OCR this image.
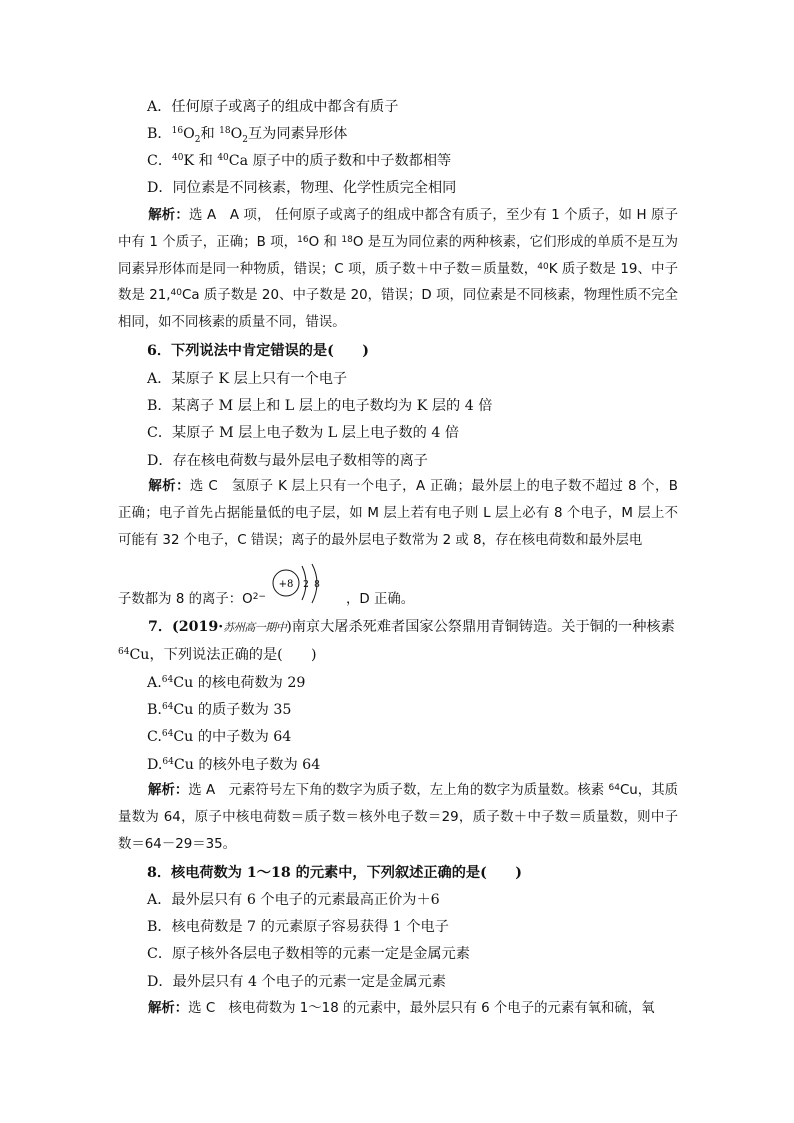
A．任何原子或离子的组成中都含有质子
B．$^{16}O_2$和 $^{18}O_2$互为同素异形体
C．$^{40}$K 和 $^{40}$Ca 原子中的质子数和中子数都相等
D．同位素是不同核素，物理、化学性质完全相同
解析：选 A　A 项， 任何原子或离子的组成中都含有质子，至少有 1 个质子，如 H 原子中有 1 个质子，正确；B 项，$^{16}$O 和 $^{18}$O 是互为同位素的两种核素，它们形成的单质不是互为同素异形体而是同一种物质，错误；C 项，质子数＋中子数＝质量数，$^{40}$K 质子数是 19、中子数是 21,40Ca 质子数是 20、中子数是 20，错误；D 项，同位素是不同核素，物理性质不完全相同，如不同核素的质量不同，错误。
6．下列说法中肯定错误的是(　　)
A．某原子 K 层上只有一个电子
B．某离子 M 层上和 L 层上的电子数均为 K 层的 4 倍
C．某原子 M 层上电子数为 L 层上电子数的 4 倍
D．存在核电荷数与最外层电子数相等的离子
解析：选 C　氢原子 K 层上只有一个电子，A 正确；最外层上的电子数不超过 8 个，B 正确；电子首先占据能量低的电子层，如 M 层上若有电子则 L 层上必有 8 个电子，M 层上不可能有 32 个电子，C 错误；离子的最外层电子数常为 2 或 8，存在核电荷数和最外层电
子数都为 8 的离子：$O^{2-}$	，D 正确。
+8 2 8
7．(2019·苏州高一期中)南京大屠杀死难者国家公祭鼎用青铜铸造。关于铜的一种核素
$^{64}$Cu，下列说法正确的是(　　)
A.$^{64}$Cu 的核电荷数为 29
B.$^{64}$Cu 的质子数为 35
C.$^{64}$Cu 的中子数为 64
D.$^{64}$Cu 的核外电子数为 64
解析：选 A　元素符号左下角的数字为质子数，左上角的数字为质量数。核素 $^{64}$Cu，其质量数为 64，原子中核电荷数＝质子数＝核外电子数＝29，质子数＋中子数＝质量数，则中子数＝64－29＝35。
8．核电荷数为 1～18 的元素中，下列叙述正确的是(　　)
A．最外层只有 6 个电子的元素最高正价为＋6
B．核电荷数是 7 的元素原子容易获得 1 个电子
C．原子核外各层电子数相等的元素一定是金属元素
D．最外层只有 4 个电子的元素一定是金属元素
解析：选 C　核电荷数为 1～18 的元素中，最外层只有 6 个电子的元素有氧和硫，氧
